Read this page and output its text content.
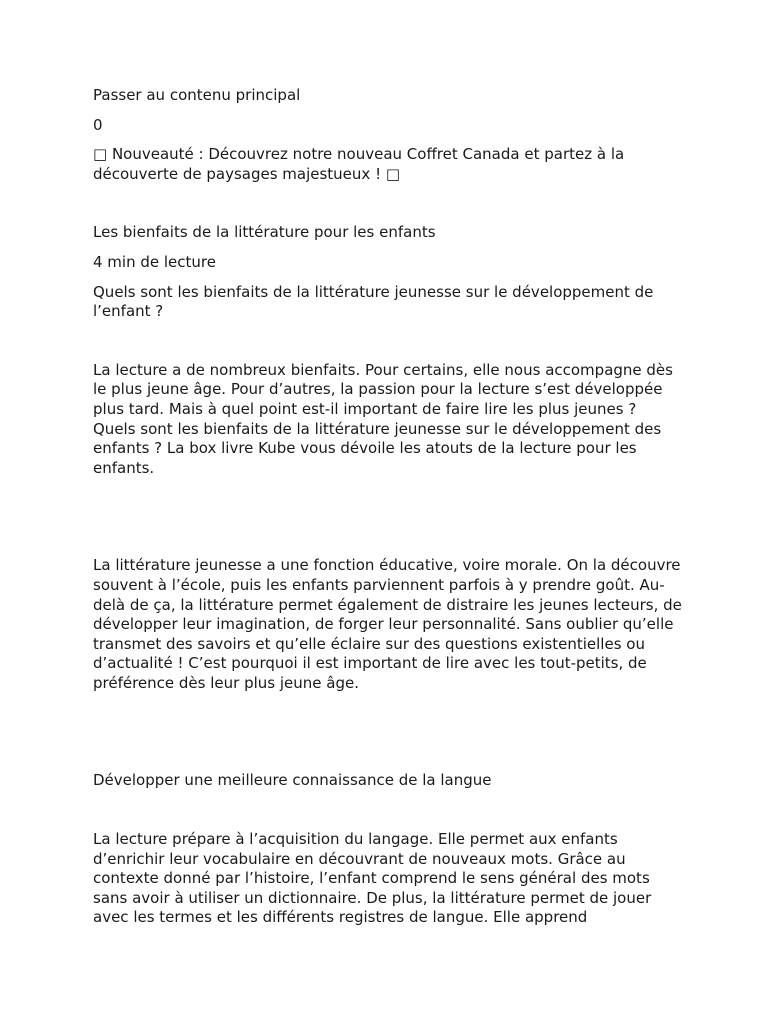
Passer au contenu principal

0

□ Nouveauté : Découvrez notre nouveau Coffret Canada et partez à la découverte de paysages majestueux ! □

Les bienfaits de la littérature pour les enfants

4 min de lecture

Quels sont les bienfaits de la littérature jeunesse sur le développement de l’enfant ?

La lecture a de nombreux bienfaits. Pour certains, elle nous accompagne dès le plus jeune âge. Pour d’autres, la passion pour la lecture s’est développée plus tard. Mais à quel point est-il important de faire lire les plus jeunes ? Quels sont les bienfaits de la littérature jeunesse sur le développement des enfants ? La box livre Kube vous dévoile les atouts de la lecture pour les enfants.

La littérature jeunesse a une fonction éducative, voire morale. On la découvre souvent à l’école, puis les enfants parviennent parfois à y prendre goût. Au-delà de ça, la littérature permet également de distraire les jeunes lecteurs, de développer leur imagination, de forger leur personnalité. Sans oublier qu’elle transmet des savoirs et qu’elle éclaire sur des questions existentielles ou d’actualité ! C’est pourquoi il est important de lire avec les tout-petits, de préférence dès leur plus jeune âge.

Développer une meilleure connaissance de la langue

La lecture prépare à l’acquisition du langage. Elle permet aux enfants d’enrichir leur vocabulaire en découvrant de nouveaux mots. Grâce au contexte donné par l’histoire, l’enfant comprend le sens général des mots sans avoir à utiliser un dictionnaire. De plus, la littérature permet de jouer avec les termes et les différents registres de langue. Elle apprend
